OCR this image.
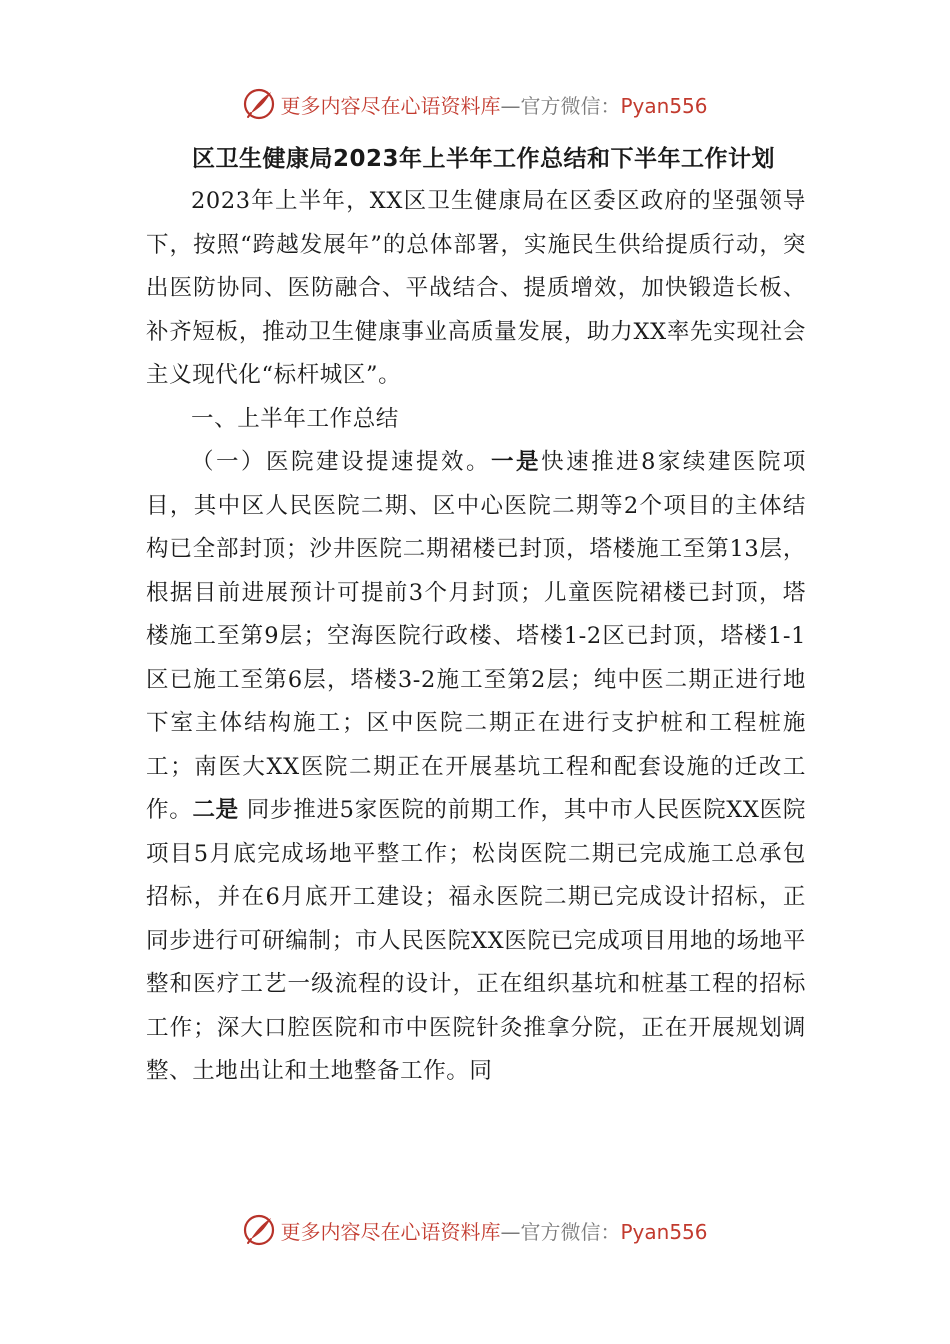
更多内容尽在心语资料库—官方微信：Pyan556
区卫生健康局2023年上半年工作总结和下半年工作计划

2023年上半年，XX区卫生健康局在区委区政府的坚强领导下，按照“跨越发展年”的总体部署，实施民生供给提质行动，突出医防协同、医防融合、平战结合、提质增效，加快锻造长板、补齐短板，推动卫生健康事业高质量发展，助力XX率先实现社会主义现代化“标杆城区”。

一、上半年工作总结

（一）医院建设提速提效。一是快速推进8家续建医院项目，其中区人民医院二期、区中心医院二期等2个项目的主体结构已全部封顶；沙井医院二期裙楼已封顶，塔楼施工至第13层，根据目前进展预计可提前3个月封顶；儿童医院裙楼已封顶，塔楼施工至第9层；空海医院行政楼、塔楼1-2区已封顶，塔楼1-1区已施工至第6层，塔楼3-2施工至第2层；纯中医二期正进行地下室主体结构施工；区中医院二期正在进行支护桩和工程桩施工；南医大XX医院二期正在开展基坑工程和配套设施的迁改工作。二是 同步推进5家医院的前期工作，其中市人民医院XX医院项目5月底完成场地平整工作；松岗医院二期已完成施工总承包招标，并在6月底开工建设；福永医院二期已完成设计招标，正同步进行可研编制；市人民医院XX医院已完成项目用地的场地平整和医疗工艺一级流程的设计，正在组织基坑和桩基工程的招标工作；深大口腔医院和市中医院针灸推拿分院，正在开展规划调整、土地出让和土地整备工作。同

更多内容尽在心语资料库—官方微信：Pyan556
